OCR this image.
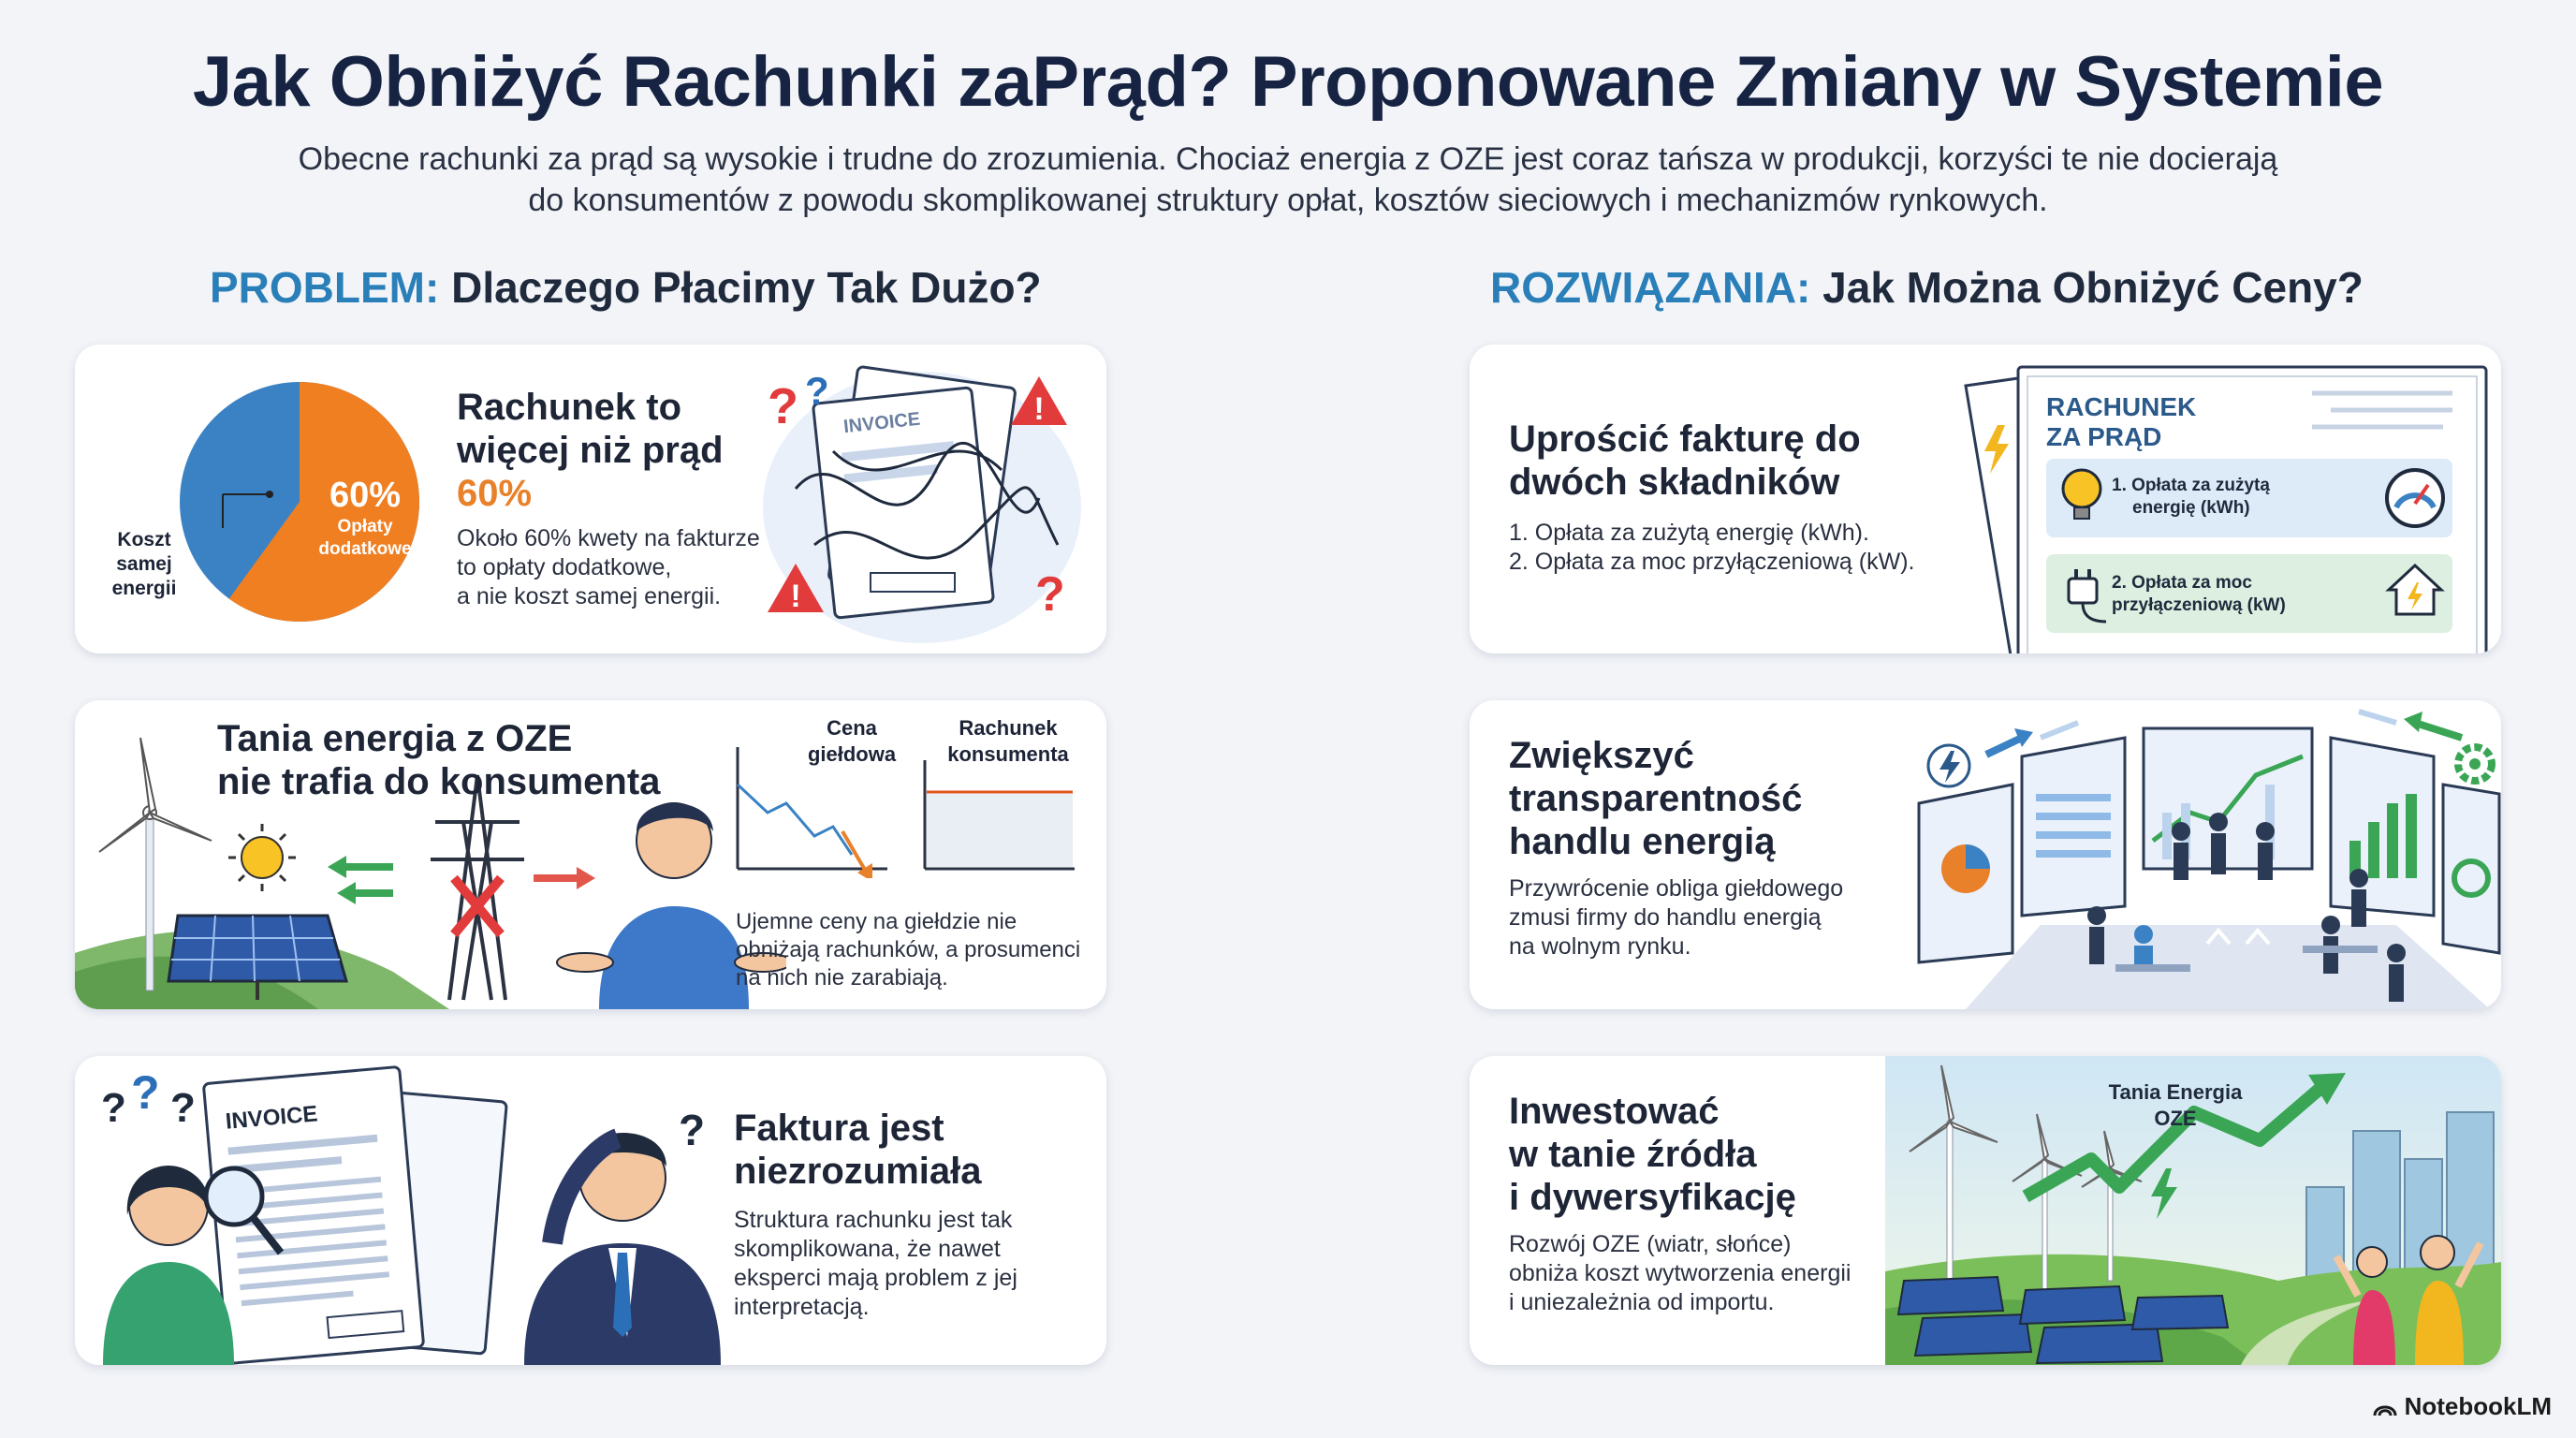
Jak Obniżyć Rachunki zaPrąd? Proponowane Zmiany w Systemie
Obecne rachunki za prąd są wysokie i trudne do zrozumienia. Chociaż energia z OZE jest coraz tańsza w produkcji, korzyści te nie docierają
do konsumentów z powodu skomplikowanej struktury opłat, kosztów sieciowych i mechanizmów rynkowych.
PROBLEM: Dlaczego Płacimy Tak Dużo?	ROZWIĄZANIA: Jak Można Obniżyć Ceny?
Koszt
samej
energii
60%
Opłaty
dodatkowe
Rachunek to
więcej niż prąd
60%
Około 60% kwety na fakturze
to opłaty dodatkowe,
a nie koszt samej energii.
INVOICE	!
!
? ?
?
Tania energia z OZE
nie trafia do konsumenta
Cena
giełdowa
Rachunek
konsumenta
Ujemne ceny na giełdzie nie
obniżają rachunków, a prosumenci
na nich nie zarabiają.
INVOICE
? ? ?	? Faktura jest
niezrozumiała
Struktura rachunku jest tak
skomplikowana, że nawet
eksperci mają problem z jej
interpretacją.
Uprościć fakturę do
dwóch składników
1. Opłata za zużytą energię (kWh).
2. Opłata za moc przyłączeniową (kW).
RACHUNEK
ZA PRĄD
1. Opłata za zużytą
energię (kWh)
2. Opłata za moc
przyłączeniową (kW)
Zwiększyć
transparentność
handlu energią
Przywrócenie obliga giełdowego
zmusi firmy do handlu energią
na wolnym rynku.
Inwestować
w tanie źródła
i dywersyfikację
Rozwój OZE (wiatr, słońce)
obniża koszt wytworzenia energii
i uniezależnia od importu.
Tania Energia
OZE
NotebookLM
